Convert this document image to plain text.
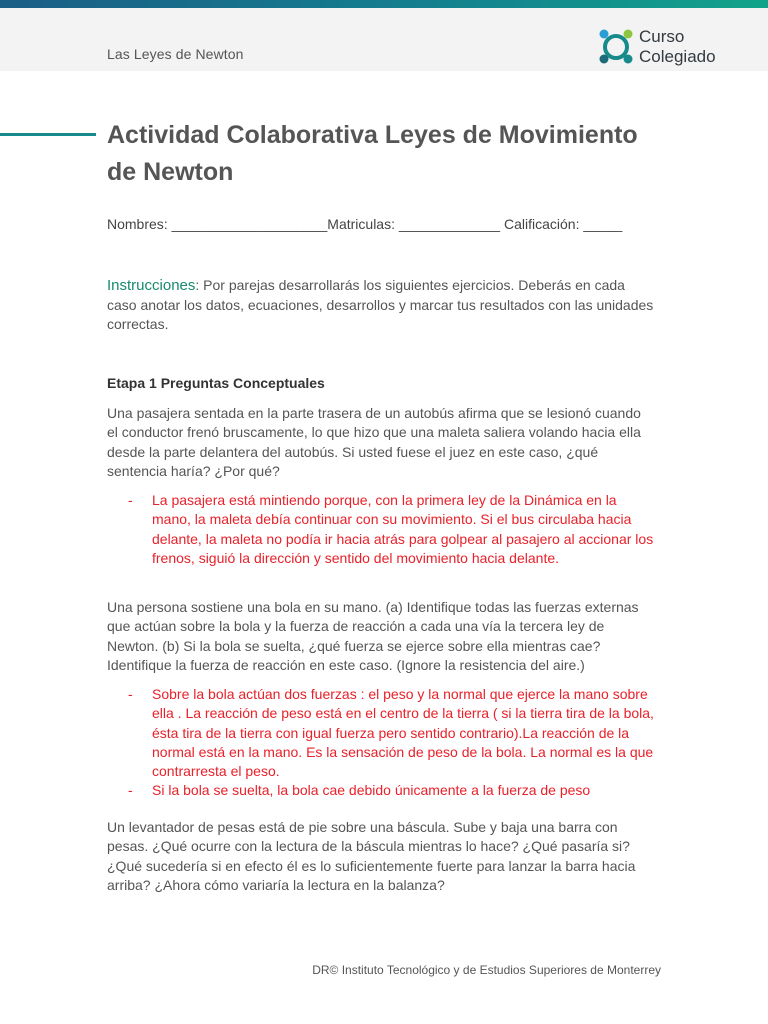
Las Leyes de Newton
Curso
Colegiado
Actividad Colaborativa Leyes de Movimiento de Newton
Nombres: ____________________Matriculas: _____________ Calificación: _____
Instrucciones: Por parejas desarrollarás los siguientes ejercicios. Deberás en cada caso anotar los datos, ecuaciones, desarrollos y marcar tus resultados con las unidades correctas.
Etapa 1 Preguntas Conceptuales
Una pasajera sentada en la parte trasera de un autobús afirma que se lesionó cuando el conductor frenó bruscamente, lo que hizo que una maleta saliera volando hacia ella desde la parte delantera del autobús. Si usted fuese el juez en este caso, ¿qué sentencia haría? ¿Por qué?
- La pasajera está mintiendo porque, con la primera ley de la Dinámica en la mano, la maleta debía continuar con su movimiento. Si el bus circulaba hacia delante, la maleta no podía ir hacia atrás para golpear al pasajero al accionar los frenos, siguió la dirección y sentido del movimiento hacia delante.
Una persona sostiene una bola en su mano. (a) Identifique todas las fuerzas externas que actúan sobre la bola y la fuerza de reacción a cada una vía la tercera ley de Newton. (b) Si la bola se suelta, ¿qué fuerza se ejerce sobre ella mientras cae? Identifique la fuerza de reacción en este caso. (Ignore la resistencia del aire.)
- Sobre la bola actúan dos fuerzas : el peso y la normal que ejerce la mano sobre ella . La reacción de peso está en el centro de la tierra ( si la tierra tira de la bola, ésta tira de la tierra con igual fuerza pero sentido contrario).La reacción de la normal está en la mano. Es la sensación de peso de la bola. La normal es la que contrarresta el peso.
- Si la bola se suelta, la bola cae debido únicamente a la fuerza de peso
Un levantador de pesas está de pie sobre una báscula. Sube y baja una barra con pesas. ¿Qué ocurre con la lectura de la báscula mientras lo hace? ¿Qué pasaría si? ¿Qué sucedería si en efecto él es lo suficientemente fuerte para lanzar la barra hacia arriba? ¿Ahora cómo variaría la lectura en la balanza?
DR© Instituto Tecnológico y de Estudios Superiores de Monterrey
